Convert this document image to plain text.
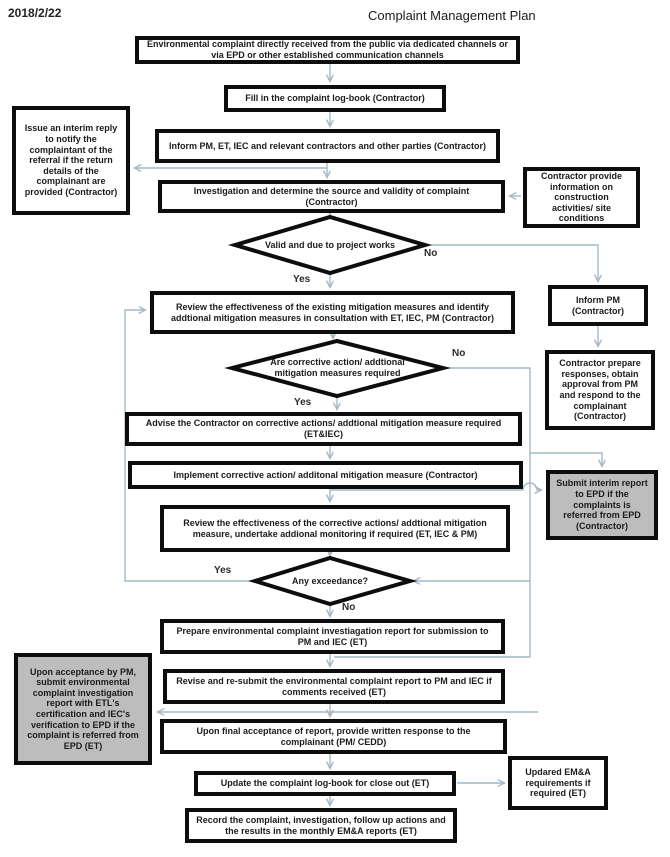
2018/2/22	Complaint Management Plan
Environmental complaint directly received from the public via dedicated channels or via EPD or other established communication channels
Fill in the complaint log-book (Contractor)
Issue an interim reply to notify the complaintant of the referral if the return details of the complainant are provided (Contractor)
Inform PM, ET, IEC and relevant contractors and other parties (Contractor)
Investigation and determine the source and validity of complaint (Contractor)
Contractor provide information on construction activities/ site conditions
Valid and due to project works
Review the effectiveness of the existing mitigation measures and identify addtional mitigation measures in consultation with ET, IEC, PM (Contractor)
Inform PM (Contractor)
Are corrective action/ addtional mitigation measures required
Contractor prepare responses, obtain approval from PM and respond to the complainant (Contractor)
Advise the Contractor on corrective actions/ addtional mitigation measure required (ET&IEC)
Implement corrective action/ additonal mitigation measure (Contractor)
Submit interim report to EPD if the complaints is referred from EPD (Contractor)
Review the effectiveness of the corrective actions/ addtional mitigation measure, undertake addional monitoring if required (ET, IEC & PM)
Any exceedance?
Prepare environmental complaint investiagation report for submission to PM and IEC (ET)
Upon acceptance by PM, submit environmental complaint investigation report with ETL's certification and IEC's verification to EPD if the complaint is referred from EPD (ET)
Revise and re-submit the environmental complaint report to PM and IEC if comments received (ET)
Upon final acceptance of report, provide written response to the complainant (PM/ CEDD)
Update the complaint log-book for close out (ET)
Updared EM&A requirements if required (ET)
Record the complaint, investigation, follow up actions and the results in the monthly EM&A reports (ET)
Yes
No
Yes
No
Yes
No
